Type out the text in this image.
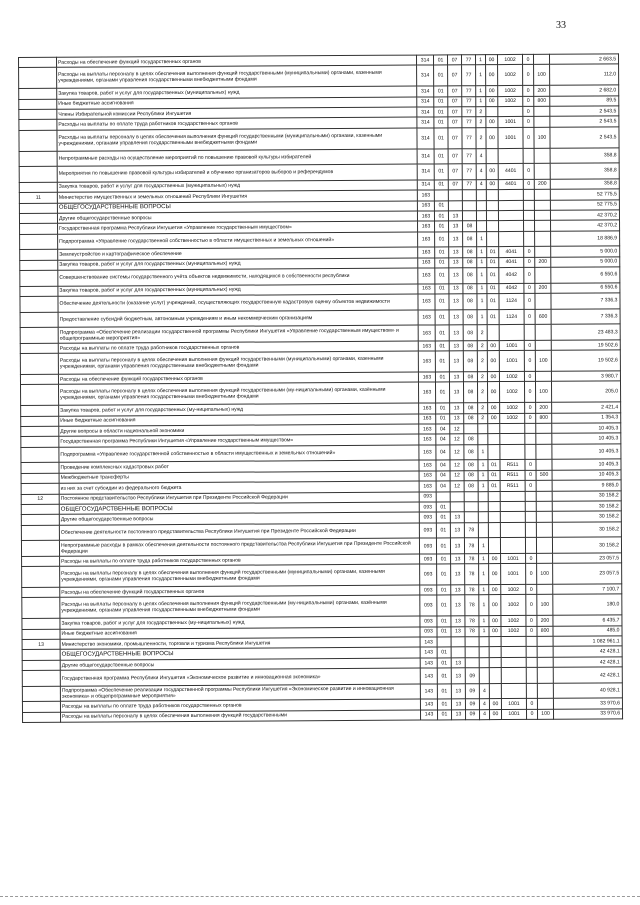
33
	Расходы на обеспечение функций государственных органов	314	01	07	77	1	00	1002	0		2 663,5
	Расходы на выплаты персоналу в целях обеспечения выполнения функций государственными (муниципальными) органами, казенными учреждениями, органами управления государственными внебюджетными фондами	314	01	07	77	1	00	1002	0	100	112,0
	Закупка товаров, работ и услуг для государственных (муниципальных) нужд	314	01	07	77	1	00	1002	0	200	2 682,0
	Иные бюджетные ассигнования	314	01	07	77	1	00	1002	0	800	89,5
	Члены Избирательной комиссии Республики Ингушетия	314	01	07	77	2			0		2 543,5
	Расходы на выплаты по оплате труда работников государственных органов	314	01	07	77	2	00	1001	0		2 543,5
	Расходы на выплаты персоналу в целях обеспечения выполнения функций государственными (муниципальными) органами, казенными учреждениями, органами управления государственными внебюджетными фондами	314	01	07	77	2	00	1001	0	100	2 543,5
	Непрограммные расходы на осуществление мероприятий по повышению правовой культуры избирателей	314	01	07	77	4					358,8
	Мероприятия по повышению правовой культуры избирателей и обучению организаторов выборов и референдумов	314	01	07	77	4	00	4401	0		358,8
	Закупка товаров, работ и услуг для государственных (муниципальных) нужд	314	01	07	77	4	00	4401	0	200	358,8
11	Министерство имущественных и земельных отношений Республики Ингушетия	163									52 775,5
	ОБЩЕГОСУДАРСТВЕННЫЕ ВОПРОСЫ	163	01								52 775,5
	Другие общегосударственные вопросы	163	01	13							42 370,2
	Государственная программа Республики Ингушетия «Управление государственным имуществом»	163	01	13	08						42 370,2
	Подпрограмма «Управление государственной собственностью в области имущественных и земельных отношений»	163	01	13	08	1					18 886,9
	Землеустройство и картографическое обеспечение	163	01	13	08	1	01	4041	0		5 000,0
	Закупка товаров, работ и услуг для государственных (муниципальных) нужд	163	01	13	08	1	01	4041	0	200	5 000,0
	Совершенствование системы государственного учёта объектов недвижимости, находящихся в собственности республики	163	01	13	08	1	01	4042	0		6 550,6
	Закупка товаров, работ и услуг для государственных (муниципальных) нужд	163	01	13	08	1	01	4042	0	200	6 550,6
	Обеспечение деятельности (оказание услуг) учреждений, осуществляющих государственную кадастровую оценку объектов недвижимости	163	01	13	08	1	01	1124	0		7 336,3
	Предоставление субсидий бюджетным, автономным учреждениям и иным некоммерческим организациям	163	01	13	08	1	01	1124	0	600	7 336,3
	Подпрограмма «Обеспечение реализации государственной программы Республики Ингушетия «Управление государственным имуществом» и общепрограммные мероприятия»	163	01	13	08	2					23 483,3
	Расходы на выплаты по оплате труда работников государственных органов	163	01	13	08	2	00	1001	0		19 502,6
	Расходы на выплаты персоналу в целях обеспечения выполнения функций государственными (муниципальными) органами, казенными учреждениями, органами управления государственными внебюджетными фондами	163	01	13	08	2	00	1001	0	100	19 502,6
	Расходы на обеспечение функций государственных органов	163	01	13	08	2	00	1002	0		3 980,7
	Расходы на выплаты персоналу в целях обеспечения выполнения функций государственными (му-ниципальными) органами, казёнными учреждениями, органами управления государственными внебюджетными фондами	163	01	13	08	2	00	1002	0	100	205,0
	Закупка товаров, работ и услуг для государственных (му-ниципальных) нужд	163	01	13	08	2	00	1002	0	200	2 421,4
	Иные бюджетные ассигнования	163	01	13	08	2	00	1002	0	800	1 354,3
	Другие вопросы в области национальной экономики	163	04	12							10 405,3
	Государственная программа Республики Ингушетия «Управление государственным имуществом»	163	04	12	08						10 405,3
	Подпрограмма «Управление государственной собственностью в области имущественных и земельных отношений»	163	04	12	08	1					10 405,3
	Проведение комплексных кадастровых работ	163	04	12	08	1	01	R511	0		10 405,3
	Межбюджетные трансферты	163	04	12	08	1	01	R511	0	500	10 405,3
	из них за счет субсидии из федерального бюджета	163	04	12	08	1	01	R511	0		9 885,0
12	Постоянное представительство Республики Ингушетия при Президенте Российской Федерации	093									30 158,2
	ОБЩЕГОСУДАРСТВЕННЫЕ ВОПРОСЫ	093	01								30 158,2
	Другие общегосударственные вопросы	093	01	13							30 158,2
	Обеспечение деятельности постоянного представительства Республики Ингушетия при Президенте Российской Федерации	093	01	13	78						30 158,2
	Непрограммные расходы в рамках обеспечения деятельности постоянного представительства Республики Ингушетия при Президенте Российской Федерации	093	01	13	78	1					30 158,2
	Расходы на выплаты по оплате труда работников государственных органов	093	01	13	78	1	00	1001	0		23 057,5
	Расходы на выплаты персоналу в целях обеспечения выполнения функций государственными (муниципальными) органами, казенными учреждениями, органами управления государственными внебюджетными фондами	093	01	13	78	1	00	1001	0	100	23 057,5
	Расходы на обеспечение функций государственных органов	093	01	13	78	1	00	1002	0		7 100,7
	Расходы на выплаты персоналу в целях обеспечения выполнения функций государственными (му-ниципальными) органами, казёнными учреждениями, органами управления государственными внебюджетными фондами	093	01	13	78	1	00	1002	0	100	180,0
	Закупка товаров, работ и услуг для государственных (му-ниципальных) нужд	093	01	13	78	1	00	1002	0	200	6 435,7
	Иные бюджетные ассигнования	093	01	13	78	1	00	1002	0	800	485,0
13	Министерство экономики, промышленности, торговли и туризма Республики Ингушетия	143									1 082 961,1
	ОБЩЕГОСУДАРСТВЕННЫЕ ВОПРОСЫ	143	01								42 428,1
	Другие общегосударственные вопросы	143	01	13							42 428,1
	Государственная программа Республики Ингушетия «Экономическое развитие и инновационная экономика»	143	01	13	09						42 428,1
	Подпрограмма «Обеспечение реализации государственной программы Республики Ингушетия «Экономическое развитие и инновационная экономика» и общепрограммные мероприятия»	143	01	13	09	4					40 928,1
	Расходы на выплаты по оплате труда работников государственных органов	143	01	13	09	4	00	1001	0		33 970,6
	Расходы на выплаты персоналу в целях обеспечения выполнения функций государственными	143	01	13	09	4	00	1001	0	100	33 970,6
